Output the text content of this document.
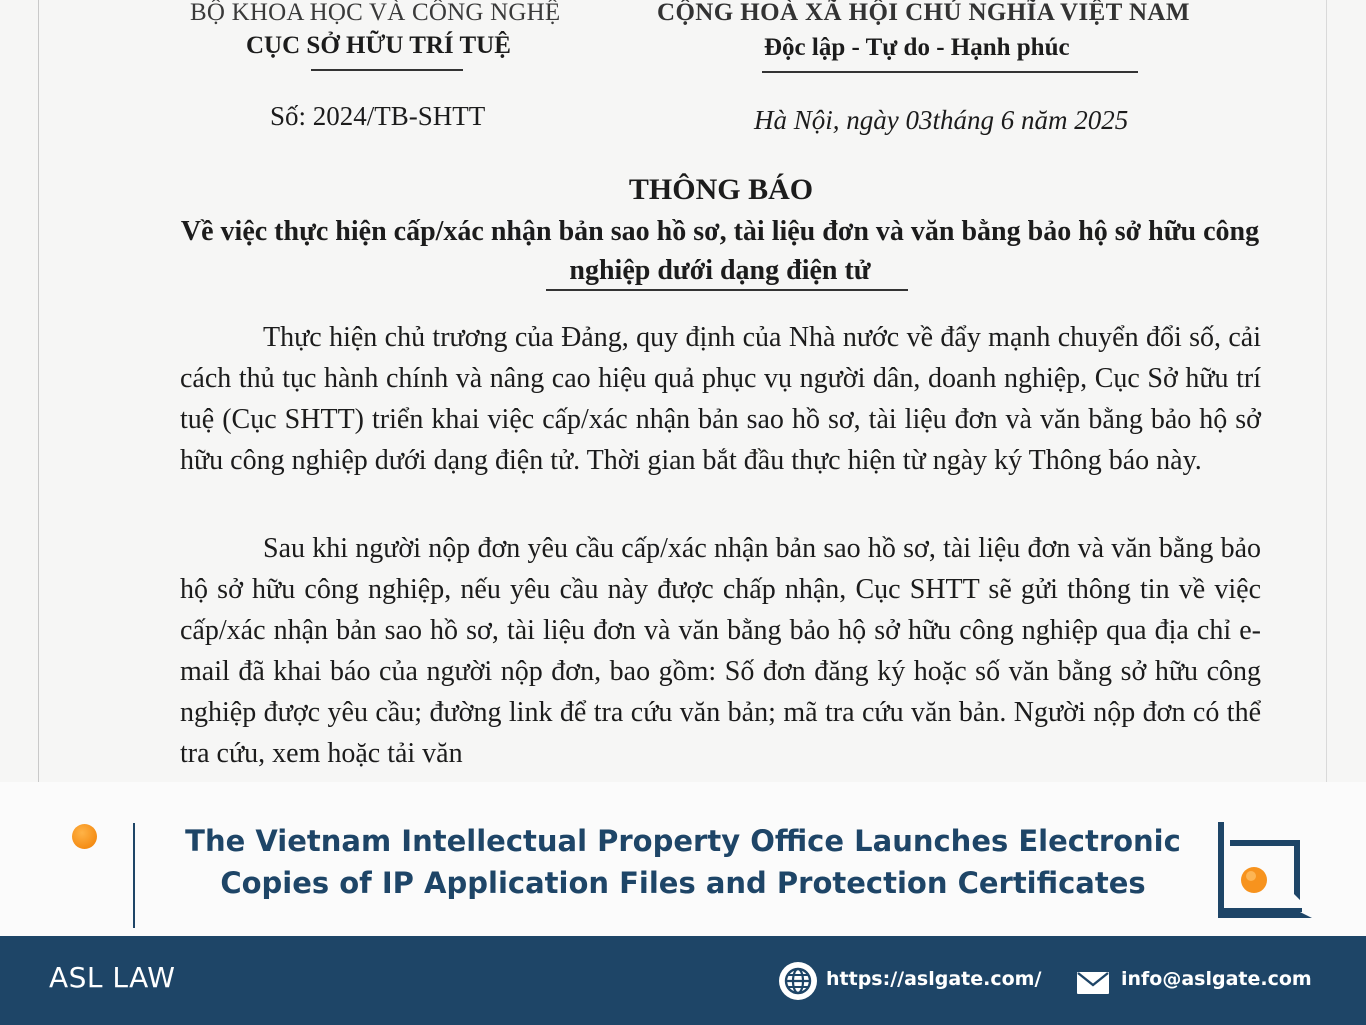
BỘ KHOA HỌC VÀ CÔNG NGHỆ
CỤC SỞ HỮU TRÍ TUỆ
CỘNG HOÀ XÃ HỘI CHỦ NGHĨA VIỆT NAM
Độc lập - Tự do - Hạnh phúc
Số: 2024/TB-SHTT	Hà Nội, ngày 03tháng 6 năm 2025
THÔNG BÁO
Về việc thực hiện cấp/xác nhận bản sao hồ sơ, tài liệu đơn và văn bằng bảo hộ sở hữu công nghiệp dưới dạng điện tử

Thực hiện chủ trương của Đảng, quy định của Nhà nước về đẩy mạnh chuyển đổi số, cải cách thủ tục hành chính và nâng cao hiệu quả phục vụ người dân, doanh nghiệp, Cục Sở hữu trí tuệ (Cục SHTT) triển khai việc cấp/xác nhận bản sao hồ sơ, tài liệu đơn và văn bằng bảo hộ sở hữu công nghiệp dưới dạng điện tử. Thời gian bắt đầu thực hiện từ ngày ký Thông báo này.

Sau khi người nộp đơn yêu cầu cấp/xác nhận bản sao hồ sơ, tài liệu đơn và văn bằng bảo hộ sở hữu công nghiệp, nếu yêu cầu này được chấp nhận, Cục SHTT sẽ gửi thông tin về việc cấp/xác nhận bản sao hồ sơ, tài liệu đơn và văn bằng bảo hộ sở hữu công nghiệp qua địa chỉ e-mail đã khai báo của người nộp đơn, bao gồm: Số đơn đăng ký hoặc số văn bằng sở hữu công nghiệp được yêu cầu; đường link để tra cứu văn bản; mã tra cứu văn bản. Người nộp đơn có thể tra cứu, xem hoặc tải văn

The Vietnam Intellectual Property Office Launches Electronic Copies of IP Application Files and Protection Certificates
ASL LAW	https://aslgate.com/	info@aslgate.com
